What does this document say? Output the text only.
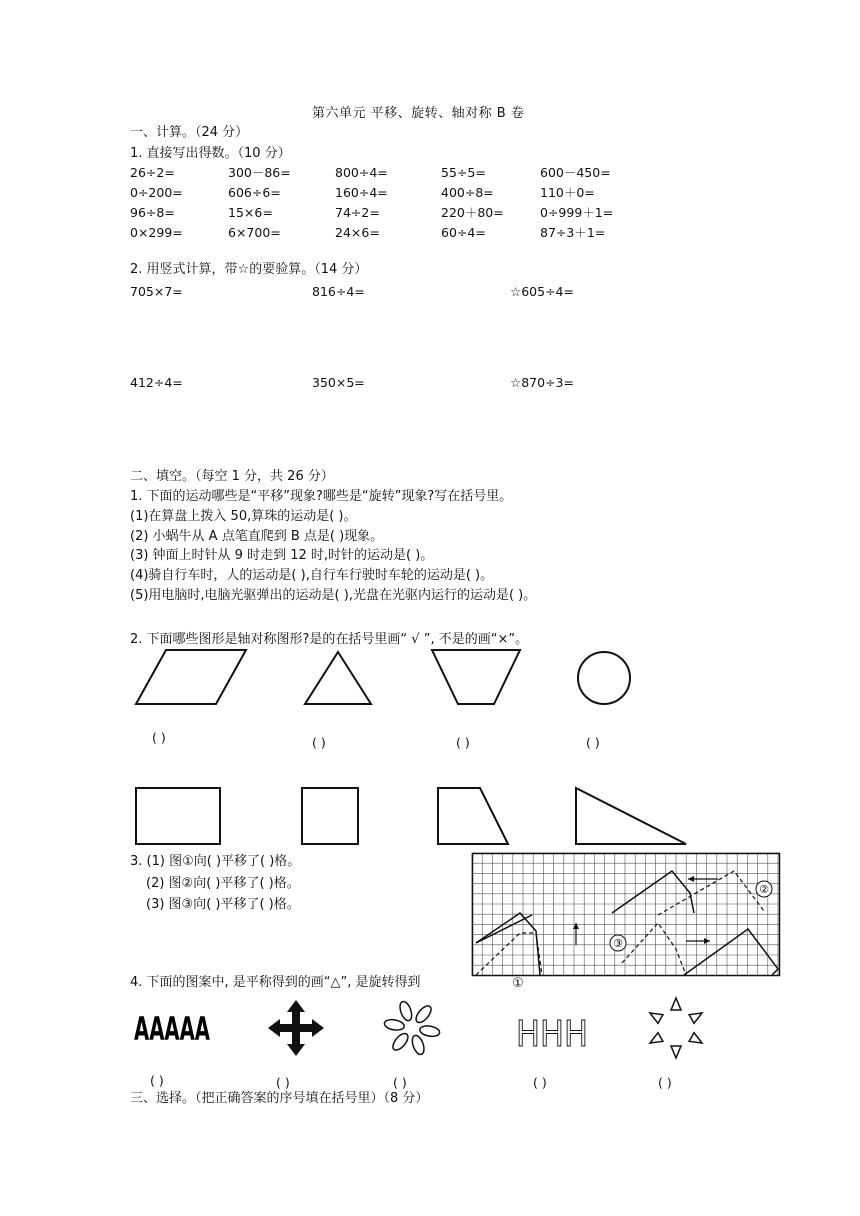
第六单元 平移、旋转、轴对称 B 卷
一、计算。（24 分）
1. 直接写出得数。（10 分）
26÷2=	300－86=	800÷4=	55÷5=	600－450=
0÷200=	606÷6=	160÷4=	400÷8=	110＋0=
96÷8=	15×6=	74÷2=	220＋80=	0÷999＋1=
0×299=	6×700=	24×6=	60÷4=	87÷3＋1=
2. 用竖式计算，带☆的要验算。（14 分）
705×7=	816÷4=	☆605÷4=
412÷4=	350×5=	☆870÷3=
二、填空。（每空 1 分，共 26 分）
1. 下面的运动哪些是“平移”现象?哪些是“旋转”现象?写在括号里。
(1)在算盘上拨入 50,算珠的运动是( )。
(2) 小蜗牛从 A 点笔直爬到 B 点是( )现象。
(3) 钟面上时针从 9 时走到 12 时,时针的运动是( )。
(4)骑自行车时，人的运动是( ),自行车行驶时车轮的运动是( )。
(5)用电脑时,电脑光驱弹出的运动是( ),光盘在光驱内运行的运动是( )。
2. 下面哪些图形是轴对称图形?是的在括号里画“ √ ”, 不是的画“×”。
( )	( )	( )	( )
3. (1) 图①向( )平移了( )格。
(2) 图②向( )平移了( )格。
(3) 图③向( )平移了( )格。
②
③
①
4. 下面的图案中, 是平称得到的画“△”, 是旋转得到
AAAAA	HHH
( )	( )	( )	( )	( )
三、选择。（把正确答案的序号填在括号里）（8 分）
